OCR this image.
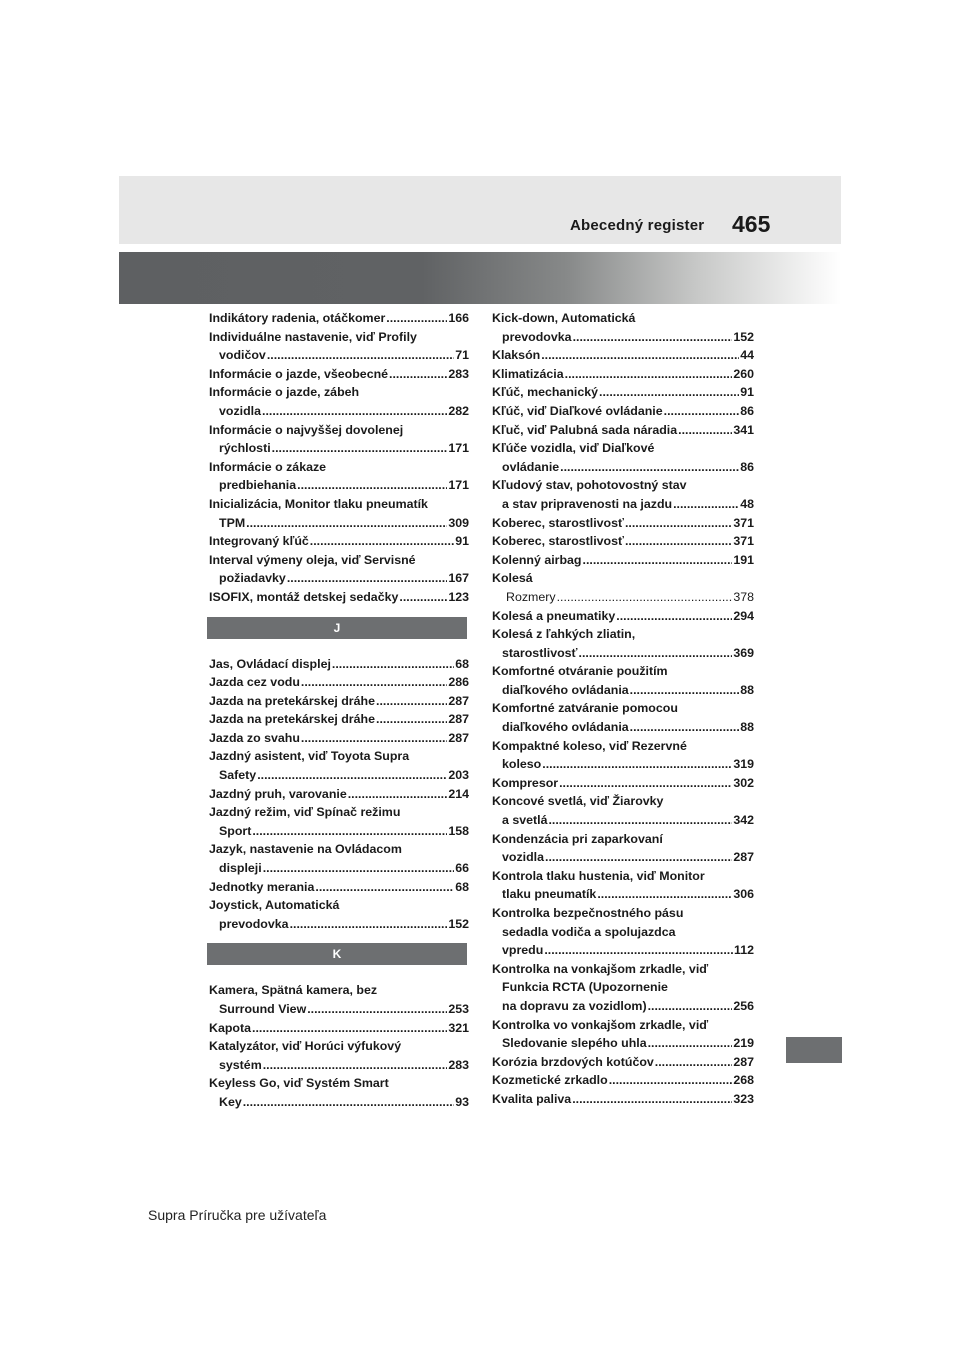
Abecedný register 465
Indikátory radenia, otáčkomer .....	166
Individuálne nastavenie, viď Profily
vodičov .....	71
Informácie o jazde, všeobecné .....	283
Informácie o jazde, zábeh
vozidla .....	282
Informácie o najvyššej dovolenej
rýchlosti .....	171
Informácie o zákaze
predbiehania .....	171
Inicializácia, Monitor tlaku pneumatík
TPM .....	309
Integrovaný kľúč .....	91
Interval výmeny oleja, viď Servisné
požiadavky .....	167
ISOFIX, montáž detskej sedačky .....	123
J
Jas, Ovládací displej .....	68
Jazda cez vodu .....	286
Jazda na pretekárskej dráhe .....	287
Jazda na pretekárskej dráhe .....	287
Jazda zo svahu .....	287
Jazdný asistent, viď Toyota Supra
Safety .....	203
Jazdný pruh, varovanie .....	214
Jazdný režim, viď Spínač režimu
Sport .....	158
Jazyk, nastavenie na Ovládacom
displeji .....	66
Jednotky merania .....	68
Joystick, Automatická
prevodovka .....	152
K
Kamera, Spätná kamera, bez
Surround View .....	253
Kapota .....	321
Katalyzátor, viď Horúci výfukový
systém .....	283
Keyless Go, viď Systém Smart
Key .....	93
Kick-down, Automatická
prevodovka .....	152
Klaksón .....	44
Klimatizácia .....	260
Kľúč, mechanický .....	91
Kľúč, viď Diaľkové ovládanie .....	86
Kľuč, viď Palubná sada náradia .....	341
Kľúče vozidla, viď Diaľkové
ovládanie .....	86
Kľudový stav, pohotovostný stav
a stav pripravenosti na jazdu .....	48
Koberec, starostlivosť .....	371
Koberec, starostlivosť .....	371
Kolenný airbag .....	191
Kolesá
Rozmery .....	378
Kolesá a pneumatiky .....	294
Kolesá z ľahkých zliatin,
starostlivosť .....	369
Komfortné otváranie použitím
diaľkového ovládania .....	88
Komfortné zatváranie pomocou
diaľkového ovládania .....	88
Kompaktné koleso, viď Rezervné
koleso .....	319
Kompresor .....	302
Koncové svetlá, viď Žiarovky
a svetlá .....	342
Kondenzácia pri zaparkovaní
vozidla .....	287
Kontrola tlaku hustenia, viď Monitor
tlaku pneumatík .....	306
Kontrolka bezpečnostného pásu
sedadla vodiča a spolujazdca
vpredu .....	112
Kontrolka na vonkajšom zrkadle, viď
Funkcia RCTA (Upozornenie
na dopravu za vozidlom) .....	256
Kontrolka vo vonkajšom zrkadle, viď
Sledovanie slepého uhla .....	219
Korózia brzdových kotúčov .....	287
Kozmetické zrkadlo .....	268
Kvalita paliva .....	323
Supra Príručka pre užívateľa
